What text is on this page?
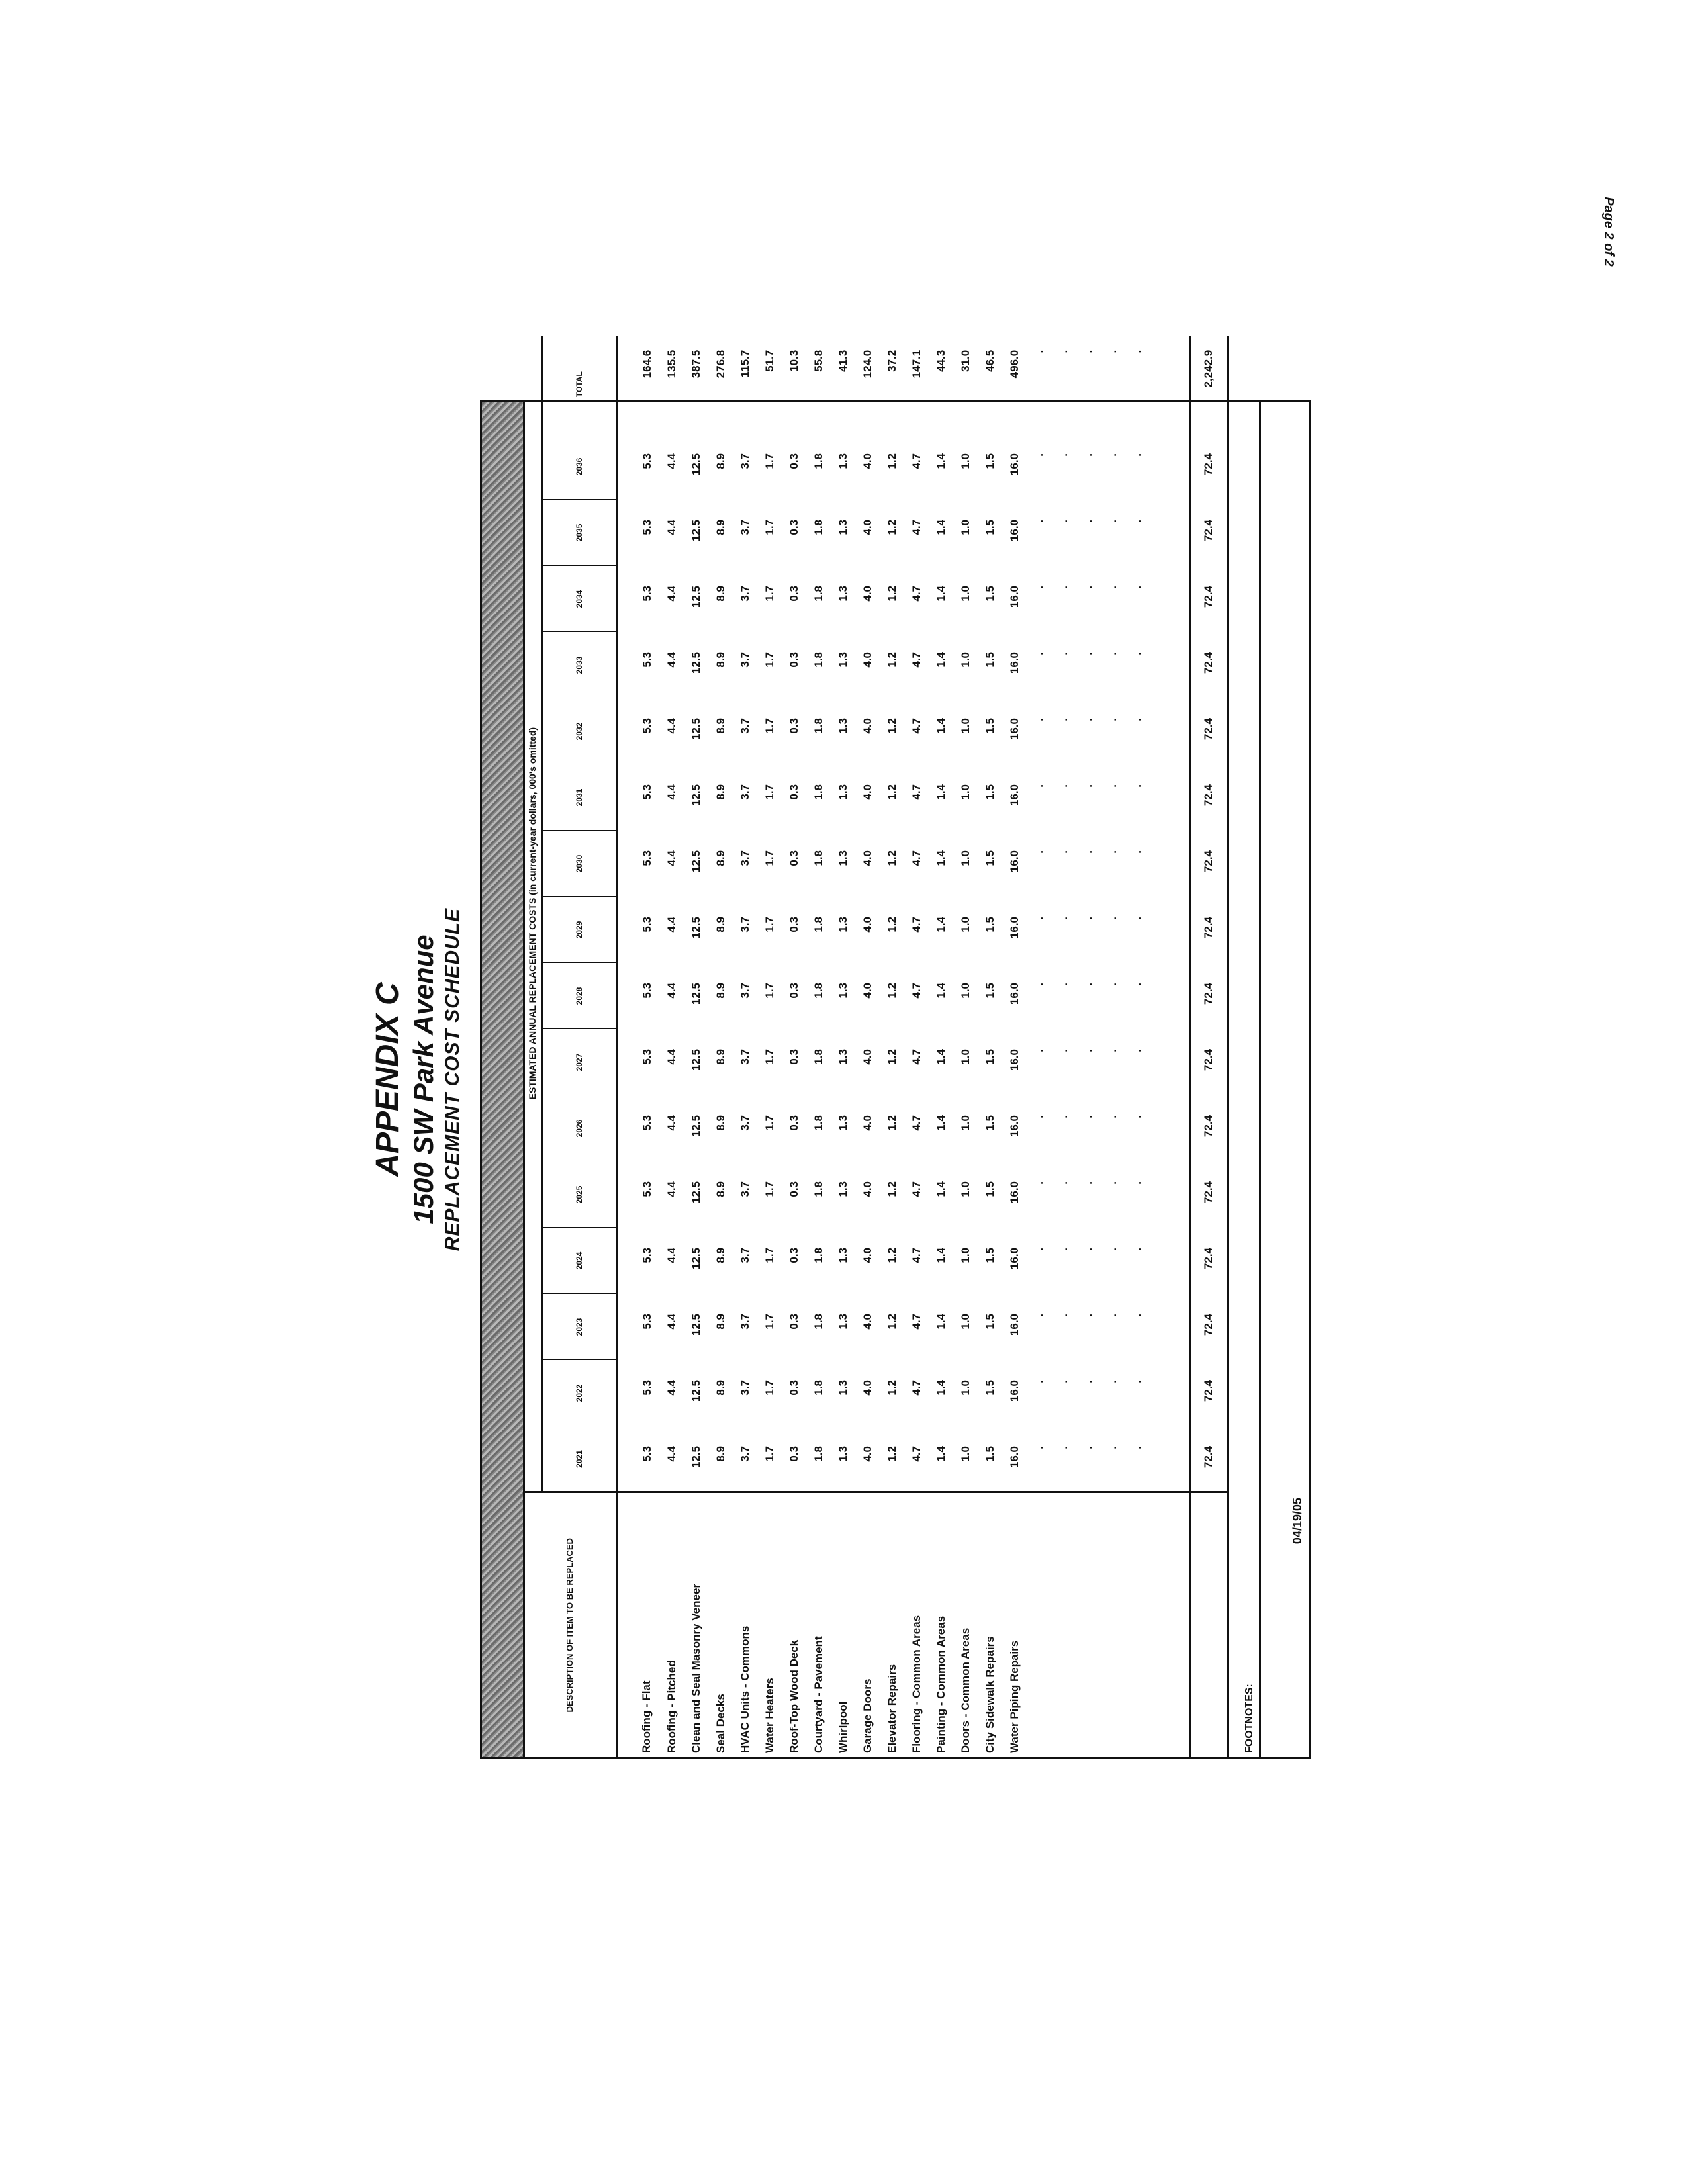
Page 2 of 2
APPENDIX C 1500 SW Park Avenue REPLACEMENT COST SCHEDULE
DESCRIPTION OF ITEM TO BE REPLACED	ESTIMATED ANNUAL REPLACEMENT COSTS (in current-year dollars, 000's omitted)																
	2021	2022	2023	2024	2025	2026	2027	2028	2029	2030	2031	2032	2033	2034	2035	2036	TOTAL
Roofing - Flat	5.3	5.3	5.3	5.3	5.3	5.3	5.3	5.3	5.3	5.3	5.3	5.3	5.3	5.3	5.3	5.3	164.6
Roofing - Pitched	4.4	4.4	4.4	4.4	4.4	4.4	4.4	4.4	4.4	4.4	4.4	4.4	4.4	4.4	4.4	4.4	135.5
Clean and Seal Masonry Veneer	12.5	12.5	12.5	12.5	12.5	12.5	12.5	12.5	12.5	12.5	12.5	12.5	12.5	12.5	12.5	12.5	387.5
Seal Decks	8.9	8.9	8.9	8.9	8.9	8.9	8.9	8.9	8.9	8.9	8.9	8.9	8.9	8.9	8.9	8.9	276.8
HVAC Units - Commons	3.7	3.7	3.7	3.7	3.7	3.7	3.7	3.7	3.7	3.7	3.7	3.7	3.7	3.7	3.7	3.7	115.7
Water Heaters	1.7	1.7	1.7	1.7	1.7	1.7	1.7	1.7	1.7	1.7	1.7	1.7	1.7	1.7	1.7	1.7	51.7
Roof-Top Wood Deck	0.3	0.3	0.3	0.3	0.3	0.3	0.3	0.3	0.3	0.3	0.3	0.3	0.3	0.3	0.3	0.3	10.3
Courtyard - Pavement	1.8	1.8	1.8	1.8	1.8	1.8	1.8	1.8	1.8	1.8	1.8	1.8	1.8	1.8	1.8	1.8	55.8
Whirlpool	1.3	1.3	1.3	1.3	1.3	1.3	1.3	1.3	1.3	1.3	1.3	1.3	1.3	1.3	1.3	1.3	41.3
Garage Doors	4.0	4.0	4.0	4.0	4.0	4.0	4.0	4.0	4.0	4.0	4.0	4.0	4.0	4.0	4.0	4.0	124.0
Elevator Repairs	1.2	1.2	1.2	1.2	1.2	1.2	1.2	1.2	1.2	1.2	1.2	1.2	1.2	1.2	1.2	1.2	37.2
Flooring - Common Areas	4.7	4.7	4.7	4.7	4.7	4.7	4.7	4.7	4.7	4.7	4.7	4.7	4.7	4.7	4.7	4.7	147.1
Painting - Common Areas	1.4	1.4	1.4	1.4	1.4	1.4	1.4	1.4	1.4	1.4	1.4	1.4	1.4	1.4	1.4	1.4	44.3
Doors - Common Areas	1.0	1.0	1.0	1.0	1.0	1.0	1.0	1.0	1.0	1.0	1.0	1.0	1.0	1.0	1.0	1.0	31.0
City Sidewalk Repairs	1.5	1.5	1.5	1.5	1.5	1.5	1.5	1.5	1.5	1.5	1.5	1.5	1.5	1.5	1.5	1.5	46.5
Water Piping Repairs	16.0	16.0	16.0	16.0	16.0	16.0	16.0	16.0	16.0	16.0	16.0	16.0	16.0	16.0	16.0	16.0	496.0
	.	.	.	.	.	.	.	.	.	.	.	.	.	.	.	.	.
	.	.	.	.	.	.	.	.	.	.	.	.	.	.	.	.	.
	.	.	.	.	.	.	.	.	.	.	.	.	.	.	.	.	.
	.	.	.	.	.	.	.	.	.	.	.	.	.	.	.	.	.
	.	.	.	.	.	.	.	.	.	.	.	.	.	.	.	.	.

	72.4	72.4	72.4	72.4	72.4	72.4	72.4	72.4	72.4	72.4	72.4	72.4	72.4	72.4	72.4	72.4	2,242.9
FOOTNOTES:
04/19/05
